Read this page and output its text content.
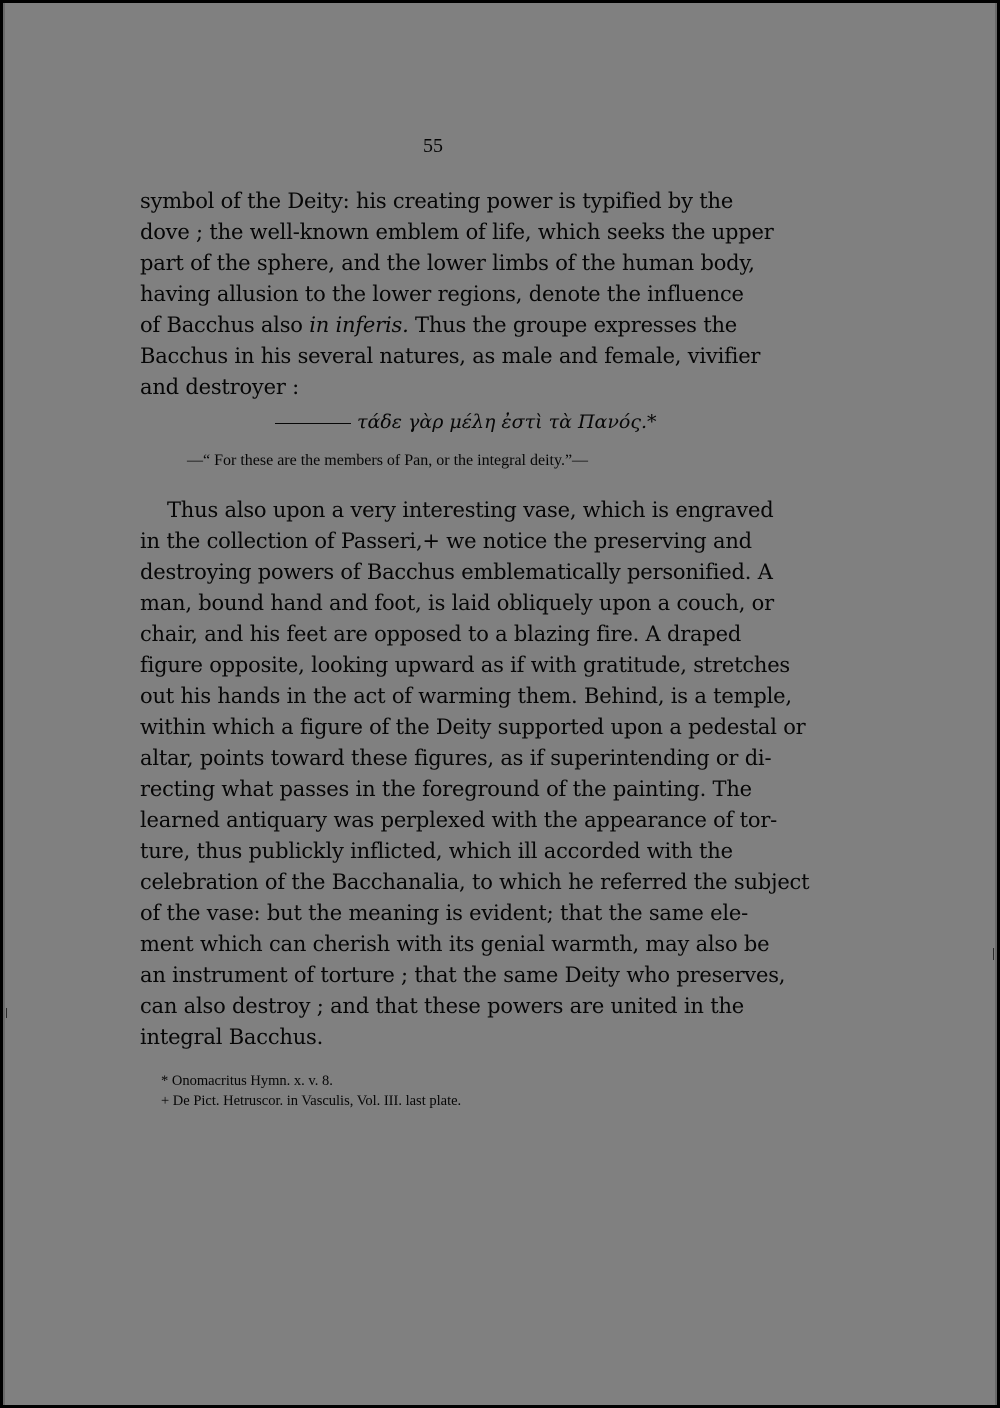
55
symbol of the Deity: his creating power is typified by the
dove ; the well-known emblem of life, which seeks the upper
part of the sphere, and the lower limbs of the human body,
having allusion to the lower regions, denote the influence
of Bacchus also in inferis. Thus the groupe expresses the
Bacchus in his several natures, as male and female, vivifier
and destroyer :
τάδε γὰρ μέλη ἐστὶ τὰ Πανός.*
—“ For these are the members of Pan, or the integral deity.”—
Thus also upon a very interesting vase, which is engraved
in the collection of Passeri,+ we notice the preserving and
destroying powers of Bacchus emblematically personified. A
man, bound hand and foot, is laid obliquely upon a couch, or
chair, and his feet are opposed to a blazing fire. A draped
figure opposite, looking upward as if with gratitude, stretches
out his hands in the act of warming them. Behind, is a temple,
within which a figure of the Deity supported upon a pedestal or
altar, points toward these figures, as if superintending or di-
recting what passes in the foreground of the painting. The
learned antiquary was perplexed with the appearance of tor-
ture, thus publickly inflicted, which ill accorded with the
celebration of the Bacchanalia, to which he referred the subject
of the vase: but the meaning is evident; that the same ele-
ment which can cherish with its genial warmth, may also be
an instrument of torture ; that the same Deity who preserves,
can also destroy ; and that these powers are united in the
integral Bacchus.
* Onomacritus Hymn. x. v. 8.
+ De Pict. Hetruscor. in Vasculis, Vol. III. last plate.
